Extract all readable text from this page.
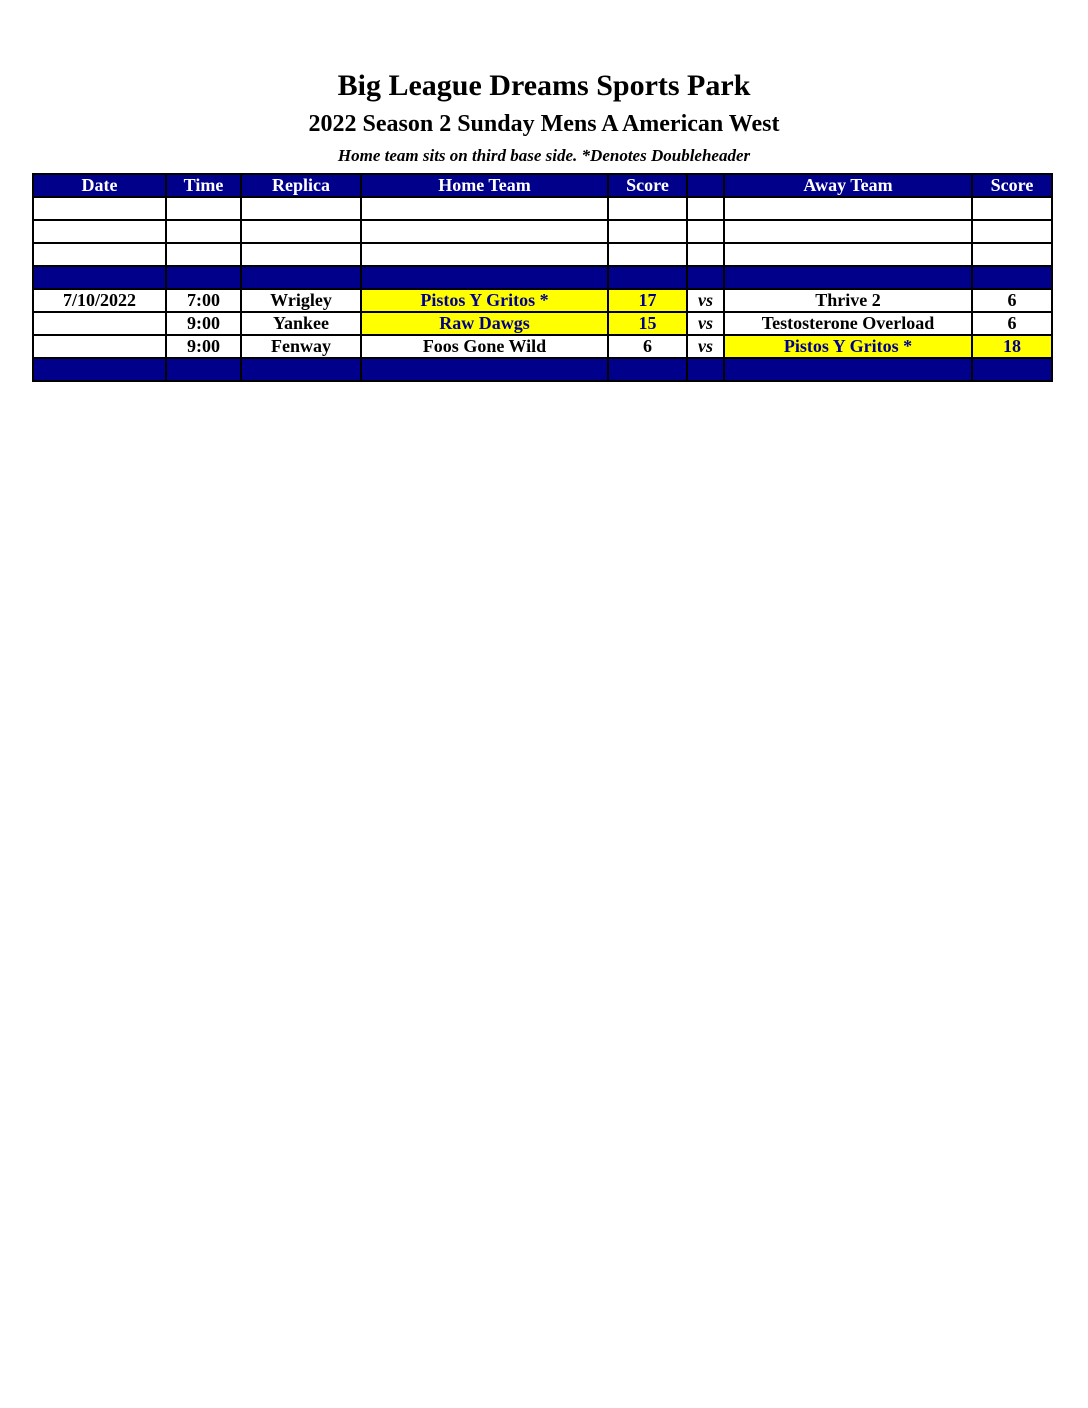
Big League Dreams Sports Park
2022 Season 2 Sunday Mens A American West
Home team sits on third base side. *Denotes Doubleheader
Date	Time	Replica	Home Team	Score		Away Team	Score

7/10/2022	7:00	Wrigley	Pistos Y Gritos *	17	vs	Thrive 2	6
	9:00	Yankee	Raw Dawgs	15	vs	Testosterone Overload	6
	9:00	Fenway	Foos Gone Wild	6	vs	Pistos Y Gritos *	18
